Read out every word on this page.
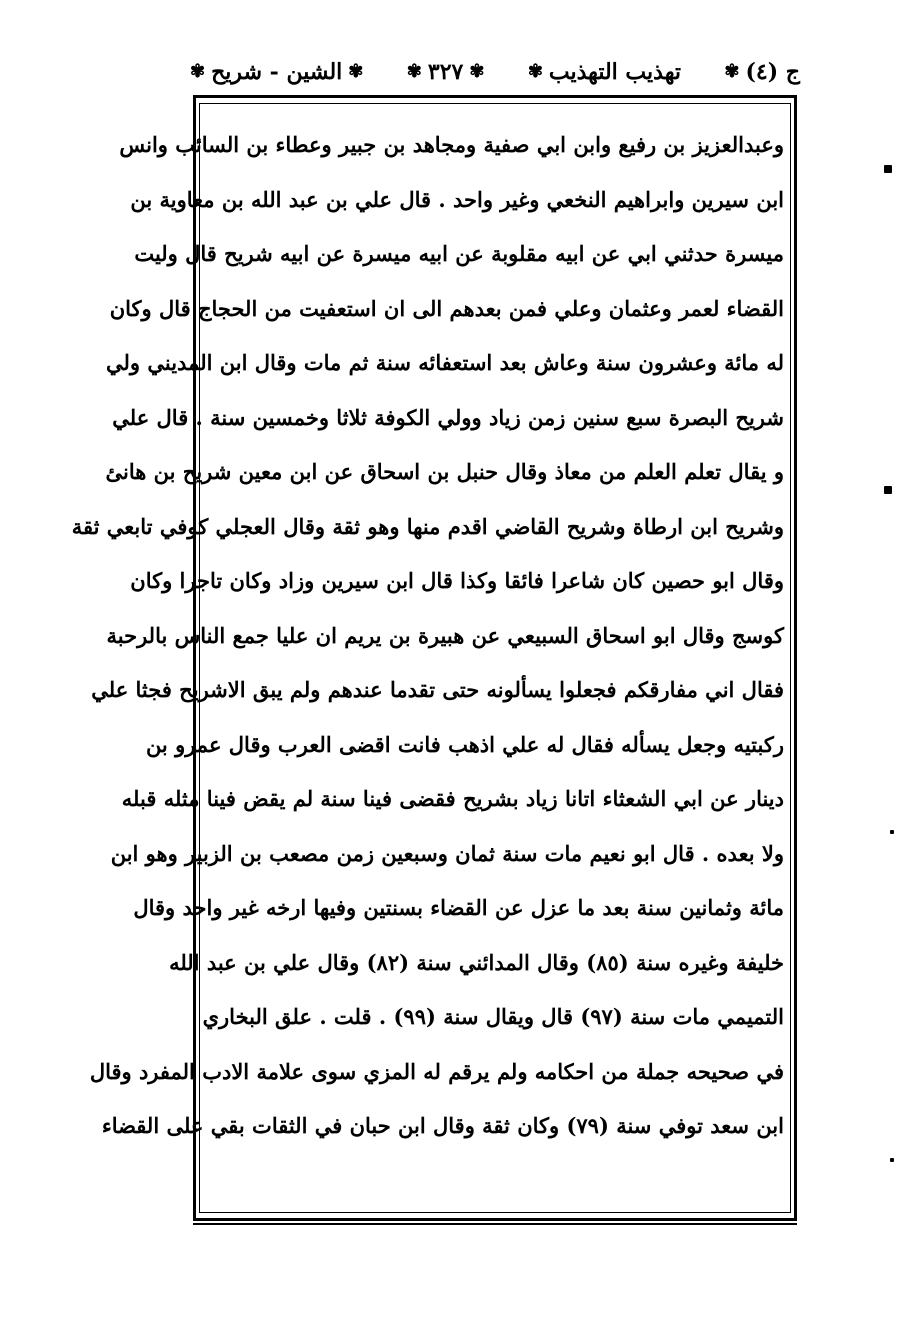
ج (٤)
✾
تهذيب التهذيب
✾
✾
٣٢٧
✾
✾
الشين - شريح
✾
وعبدالعزيز بن رفيع وابن ابي صفية ومجاهد بن جبير وعطاء بن السائب وانس
ابن سيرين وابراهيم النخعي وغير واحد . قال علي بن عبد الله بن معاوية بن
ميسرة حدثني ابي عن ابيه مقلوبة عن ابيه ميسرة عن ابيه شريح قال وليت
القضاء لعمر وعثمان وعلي فمن بعدهم الى ان استعفيت من الحجاج قال وكان
له مائة وعشرون سنة وعاش بعد استعفائه سنة ثم مات وقال ابن المديني ولي
شريح البصرة سبع سنين زمن زياد وولي الكوفة ثلاثا وخمسين سنة . قال علي
و يقال تعلم العلم من معاذ وقال حنبل بن اسحاق عن ابن معين شريح بن هانئ
وشريح ابن ارطاة وشريح القاضي اقدم منها وهو ثقة وقال العجلي كوفي تابعي ثقة
وقال ابو حصين كان شاعرا فائقا وكذا قال ابن سيرين وزاد وكان تاجرا وكان
كوسج وقال ابو اسحاق السبيعي عن هبيرة بن يريم ان عليا جمع الناس بالرحبة
فقال اني مفارقكم فجعلوا يسألونه حتى تقدما عندهم ولم يبق الاشريح فجثا علي
ركبتيه وجعل يسأله فقال له علي اذهب فانت اقضى العرب وقال عمرو بن
دينار عن ابي الشعثاء اتانا زياد بشريح فقضى فينا سنة لم يقض فينا مثله قبله
ولا بعده . قال ابو نعيم مات سنة ثمان وسبعين زمن مصعب بن الزبير وهو ابن
مائة وثمانين سنة بعد ما عزل عن القضاء بسنتين وفيها ارخه غير واحد وقال
خليفة وغيره سنة (٨٥) وقال المدائني سنة (٨٢) وقال علي بن عبد الله
التميمي مات سنة (٩٧) قال ويقال سنة (٩٩) . قلت . علق البخاري
في صحيحه جملة من احكامه ولم يرقم له المزي سوى علامة الادب المفرد وقال
ابن سعد توفي سنة (٧٩) وكان ثقة وقال ابن حبان في الثقات بقي على القضاء
